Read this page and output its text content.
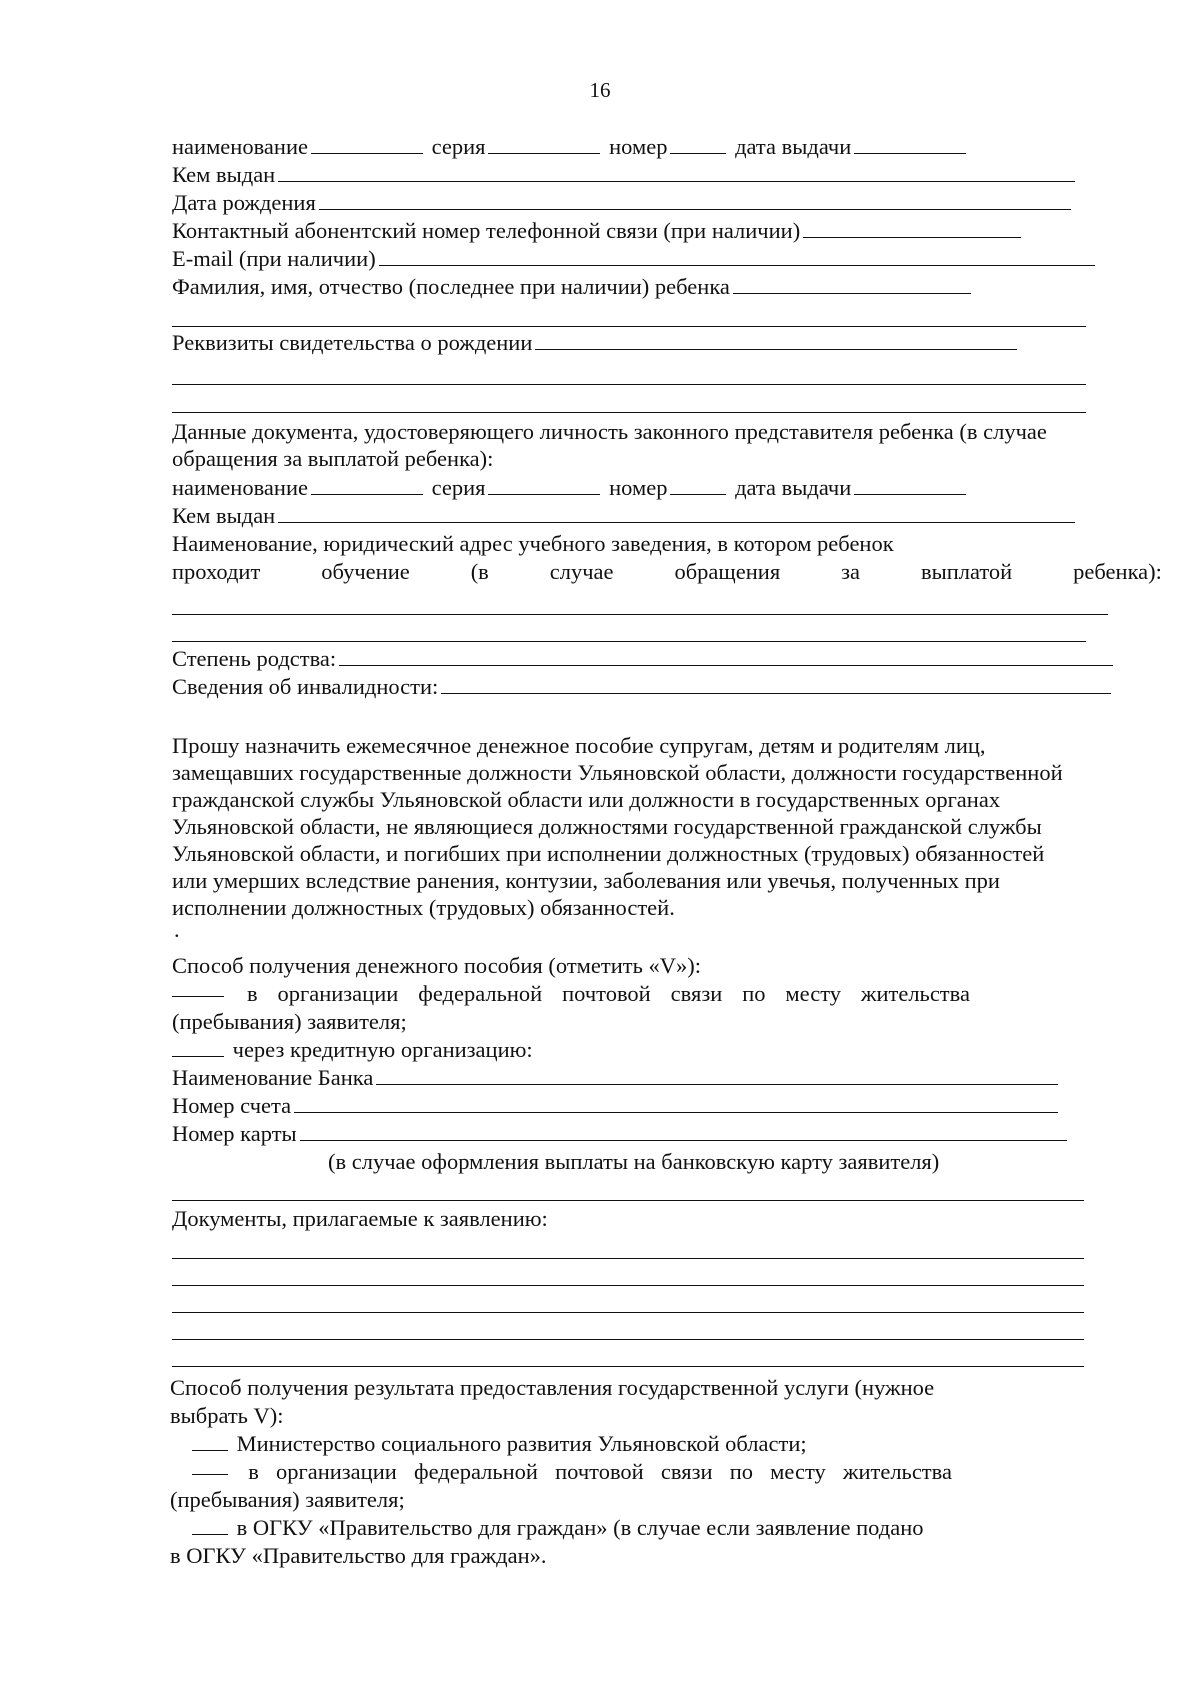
16
наименование	серия	номер	дата выдачи
Кем выдан
Дата рождения
Контактный абонентский номер телефонной связи (при наличии)
E-mail (при наличии)
Фамилия, имя, отчество (последнее при наличии) ребенка
Реквизиты свидетельства о рождении
Данные документа, удостоверяющего личность законного представителя ребенка (в случае
обращения за выплатой ребенка):
наименование	серия	номер	дата выдачи
Кем выдан
Наименование, юридический адрес учебного заведения, в котором ребенок
проходит	обучение	(в	случае	обращения	за	выплатой	ребенка):
Степень родства:
Сведения об инвалидности:
Прошу назначить ежемесячное денежное пособие супругам, детям и родителям лиц,
замещавших государственные должности Ульяновской области, должности государственной
гражданской службы Ульяновской области или должности в государственных органах
Ульяновской области, не являющиеся должностями государственной гражданской службы
Ульяновской области, и погибших при исполнении должностных (трудовых) обязанностей
или умерших вследствие ранения, контузии, заболевания или увечья, полученных при
исполнении должностных (трудовых) обязанностей.
.
Способ получения денежного пособия (отметить «V»):
в организации федеральной почтовой связи по месту жительства
(пребывания) заявителя;
через кредитную организацию:
Наименование Банка
Номер счета
Номер карты
(в случае оформления выплаты на банковскую карту заявителя)
Документы, прилагаемые к заявлению:
Способ получения результата предоставления государственной услуги (нужное
выбрать V):
Министерство социального развития Ульяновской области;
в организации федеральной почтовой связи по месту жительства
(пребывания) заявителя;
в ОГКУ «Правительство для граждан» (в случае если заявление подано
в ОГКУ «Правительство для граждан».
